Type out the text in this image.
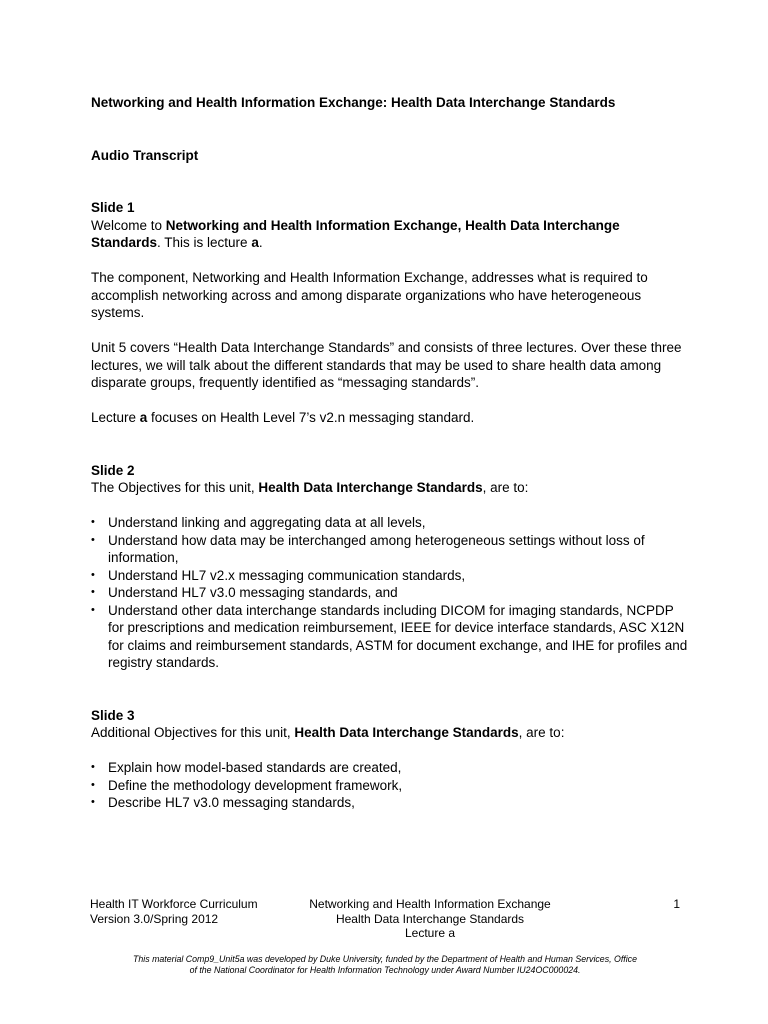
Networking and Health Information Exchange: Health Data Interchange Standards

Audio Transcript

Slide 1

Welcome to Networking and Health Information Exchange, Health Data Interchange Standards. This is lecture a.

The component, Networking and Health Information Exchange, addresses what is required to accomplish networking across and among disparate organizations who have heterogeneous systems.

Unit 5 covers “Health Data Interchange Standards” and consists of three lectures. Over these three lectures, we will talk about the different standards that may be used to share health data among disparate groups, frequently identified as “messaging standards”.

Lecture a focuses on Health Level 7’s v2.n messaging standard.

Slide 2

The Objectives for this unit, Health Data Interchange Standards, are to:

• Understand linking and aggregating data at all levels,
• Understand how data may be interchanged among heterogeneous settings without loss of information,
• Understand HL7 v2.x messaging communication standards,
• Understand HL7 v3.0 messaging standards, and
• Understand other data interchange standards including DICOM for imaging standards, NCPDP for prescriptions and medication reimbursement, IEEE for device interface standards, ASC X12N for claims and reimbursement standards, ASTM for document exchange, and IHE for profiles and registry standards.

Slide 3

Additional Objectives for this unit, Health Data Interchange Standards, are to:

• Explain how model-based standards are created,
• Define the methodology development framework,
• Describe HL7 v3.0 messaging standards,
Health IT Workforce Curriculum
Version 3.0/Spring 2012
Networking and Health Information Exchange
Health Data Interchange Standards
Lecture a
1
This material Comp9_Unit5a was developed by Duke University, funded by the Department of Health and Human Services, Office
of the National Coordinator for Health Information Technology under Award Number IU24OC000024.
